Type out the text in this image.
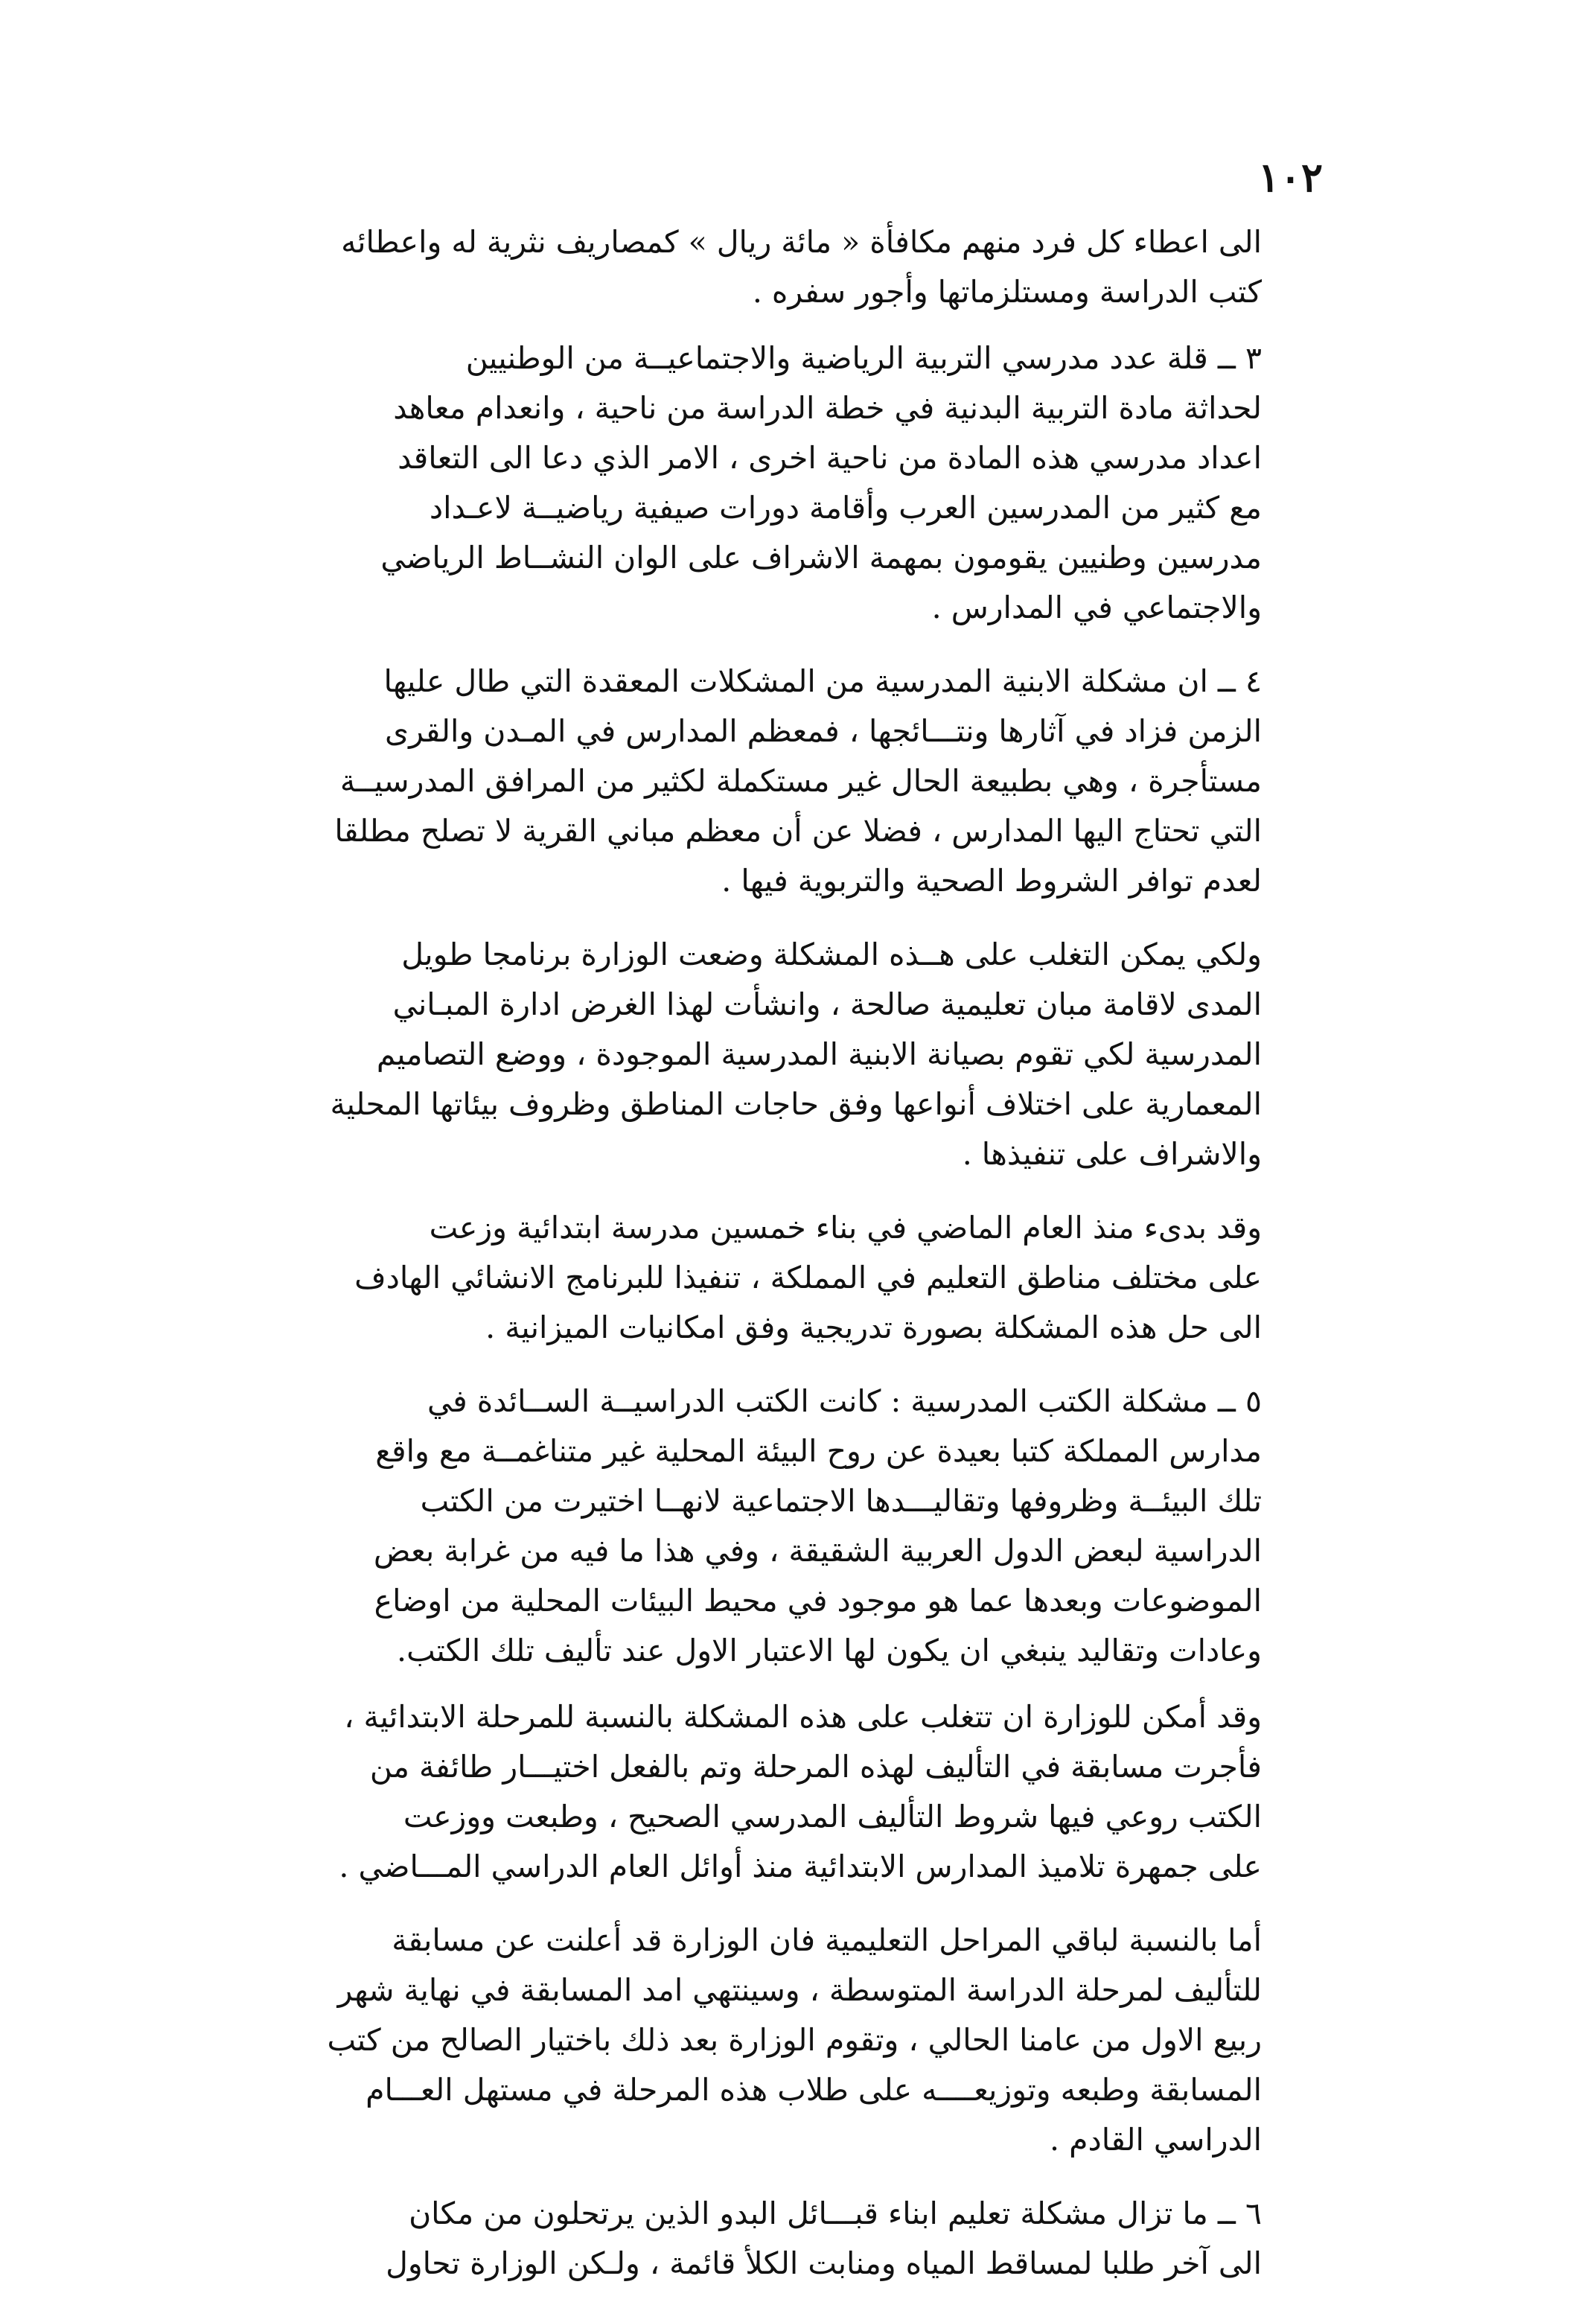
١٠٢

الى اعطاء كل فرد منهم مكافأة « مائة ريال » كمصاريف نثرية له واعطائه
كتب الدراسة ومستلزماتها وأجور سفره .

٣ ــ قلة عدد مدرسي التربية الرياضية والاجتماعيــة من الوطنيين
لحداثة مادة التربية البدنية في خطة الدراسة من ناحية ، وانعدام معاهد
اعداد مدرسي هذه المادة من ناحية اخرى ، الامر الذي دعا الى التعاقد
مع كثير من المدرسين العرب وأقامة دورات صيفية رياضيــة لاعـداد
مدرسين وطنيين يقومون بمهمة الاشراف على الوان النشــاط الرياضي
والاجتماعي في المدارس .

٤ ــ ان مشكلة الابنية المدرسية من المشكلات المعقدة التي طال عليها
الزمن فزاد في آثارها ونتـــائجها ، فمعظم المدارس في المـدن والقرى
مستأجرة ، وهي بطبيعة الحال غير مستكملة لكثير من المرافق المدرسيــة
التي تحتاج اليها المدارس ، فضلا عن أن معظم مباني القرية لا تصلح مطلقا
لعدم توافر الشروط الصحية والتربوية فيها .

ولكي يمكن التغلب على هــذه المشكلة وضعت الوزارة برنامجا طويل
المدى لاقامة مبان تعليمية صالحة ، وانشأت لهذا الغرض ادارة المبـاني
المدرسية لكي تقوم بصيانة الابنية المدرسية الموجودة ، ووضع التصاميم
المعمارية على اختلاف أنواعها وفق حاجات المناطق وظروف بيئاتها المحلية
والاشراف على تنفيذها .

وقد بدىء منذ العام الماضي في بناء خمسين مدرسة ابتدائية وزعت
على مختلف مناطق التعليم في المملكة ، تنفيذا للبرنامج الانشائي الهادف
الى حل هذه المشكلة بصورة تدريجية وفق امكانيات الميزانية .

٥ ــ مشكلة الكتب المدرسية : كانت الكتب الدراسيــة الســائدة في
مدارس المملكة كتبا بعيدة عن روح البيئة المحلية غير متناغمــة مع واقع
تلك البيئــة وظروفها وتقاليـــدها الاجتماعية لانهــا اختيرت من الكتب
الدراسية لبعض الدول العربية الشقيقة ، وفي هذا ما فيه من غرابة بعض
الموضوعات وبعدها عما هو موجود في محيط البيئات المحلية من اوضاع
وعادات وتقاليد ينبغي ان يكون لها الاعتبار الاول عند تأليف تلك الكتب.

وقد أمكن للوزارة ان تتغلب على هذه المشكلة بالنسبة للمرحلة الابتدائية ،
فأجرت مسابقة في التأليف لهذه المرحلة وتم بالفعل اختيـــار طائفة من
الكتب روعي فيها شروط التأليف المدرسي الصحيح ، وطبعت ووزعت
على جمهرة تلاميذ المدارس الابتدائية منذ أوائل العام الدراسي المـــاضي .

أما بالنسبة لباقي المراحل التعليمية فان الوزارة قد أعلنت عن مسابقة
للتأليف لمرحلة الدراسة المتوسطة ، وسينتهي امد المسابقة في نهاية شهر
ربيع الاول من عامنا الحالي ، وتقوم الوزارة بعد ذلك باختيار الصالح من كتب
المسابقة وطبعه وتوزيعــــه على طلاب هذه المرحلة في مستهل العـــام
الدراسي القادم .

٦ ــ ما تزال مشكلة تعليم ابناء قبـــائل البدو الذين يرتحلون من مكان
الى آخر طلبا لمساقط المياه ومنابت الكلأ قائمة ، ولـكن الوزارة تحاول
